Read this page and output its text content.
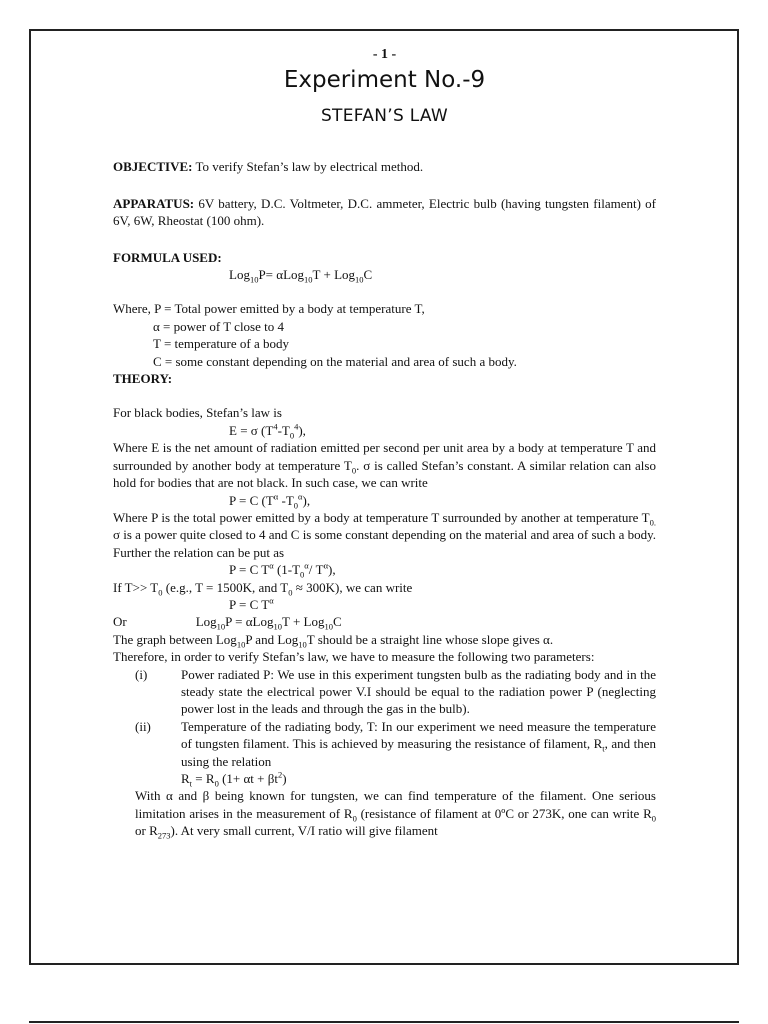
- 1 -
Experiment No.-9
STEFAN’S LAW

OBJECTIVE: To verify Stefan’s law by electrical method.

APPARATUS: 6V battery, D.C. Voltmeter, D.C. ammeter, Electric bulb (having tungsten filament) of 6V, 6W, Rheostat (100 ohm).

FORMULA USED:

Log$_{10}$P= αLog$_{10}$T + Log$_{10}$C

Where, P = Total power emitted by a body at temperature T,

α = power of T close to 4

T = temperature of a body

C = some constant depending on the material and area of such a body.

THEORY:

For black bodies, Stefan’s law is

E = σ $(T^4-T_0^4)$,

Where E is the net amount of radiation emitted per second per unit area by a body at temperature T and surrounded by another body at temperature $T_0$. σ is called Stefan’s constant. A similar relation can also hold for bodies that are not black. In such case, we can write

P = C ($T^\alpha$ $-T_0^\alpha$),

Where P is the total power emitted by a body at temperature T surrounded by another at temperature $T_{0.}$ σ is a power quite closed to 4 and C is some constant depending on the material and area of such a body. Further the relation can be put as

P = C $T^\alpha$ ($1-T_0^\alpha/$ $T^\alpha$),

If $T>> T_0$ (e.g., T = 1500K, and $T_0 \approx 300K$), we can write

P = C $T^\alpha$

Or	Log$_{10}$P = αLog$_{10}$T + Log$_{10}$C

The graph between Log$_{10}$P and Log$_{10}$T should be a straight line whose slope gives α.

Therefore, in order to verify Stefan’s law, we have to measure the following two parameters:

(i)	Power radiated P: We use in this experiment tungsten bulb as the radiating body and in the steady state the electrical power V.I should be equal to the radiation power P (neglecting power lost in the leads and through the gas in the bulb).
(ii)	Temperature of the radiating body, T: In our experiment we need measure the temperature of tungsten filament. This is achieved by measuring the resistance of filament, $R_t$, and then using the relation
$R_t = R_0$ $(1+ \alpha t + \beta t^2)$

With α and β being known for tungsten, we can find temperature of the filament. One serious limitation arises in the measurement of $R_0$ (resistance of filament at 0ºC or 273K, one can write $R_0$ or $R_{273}$). At very small current, V/I ratio will give filament
